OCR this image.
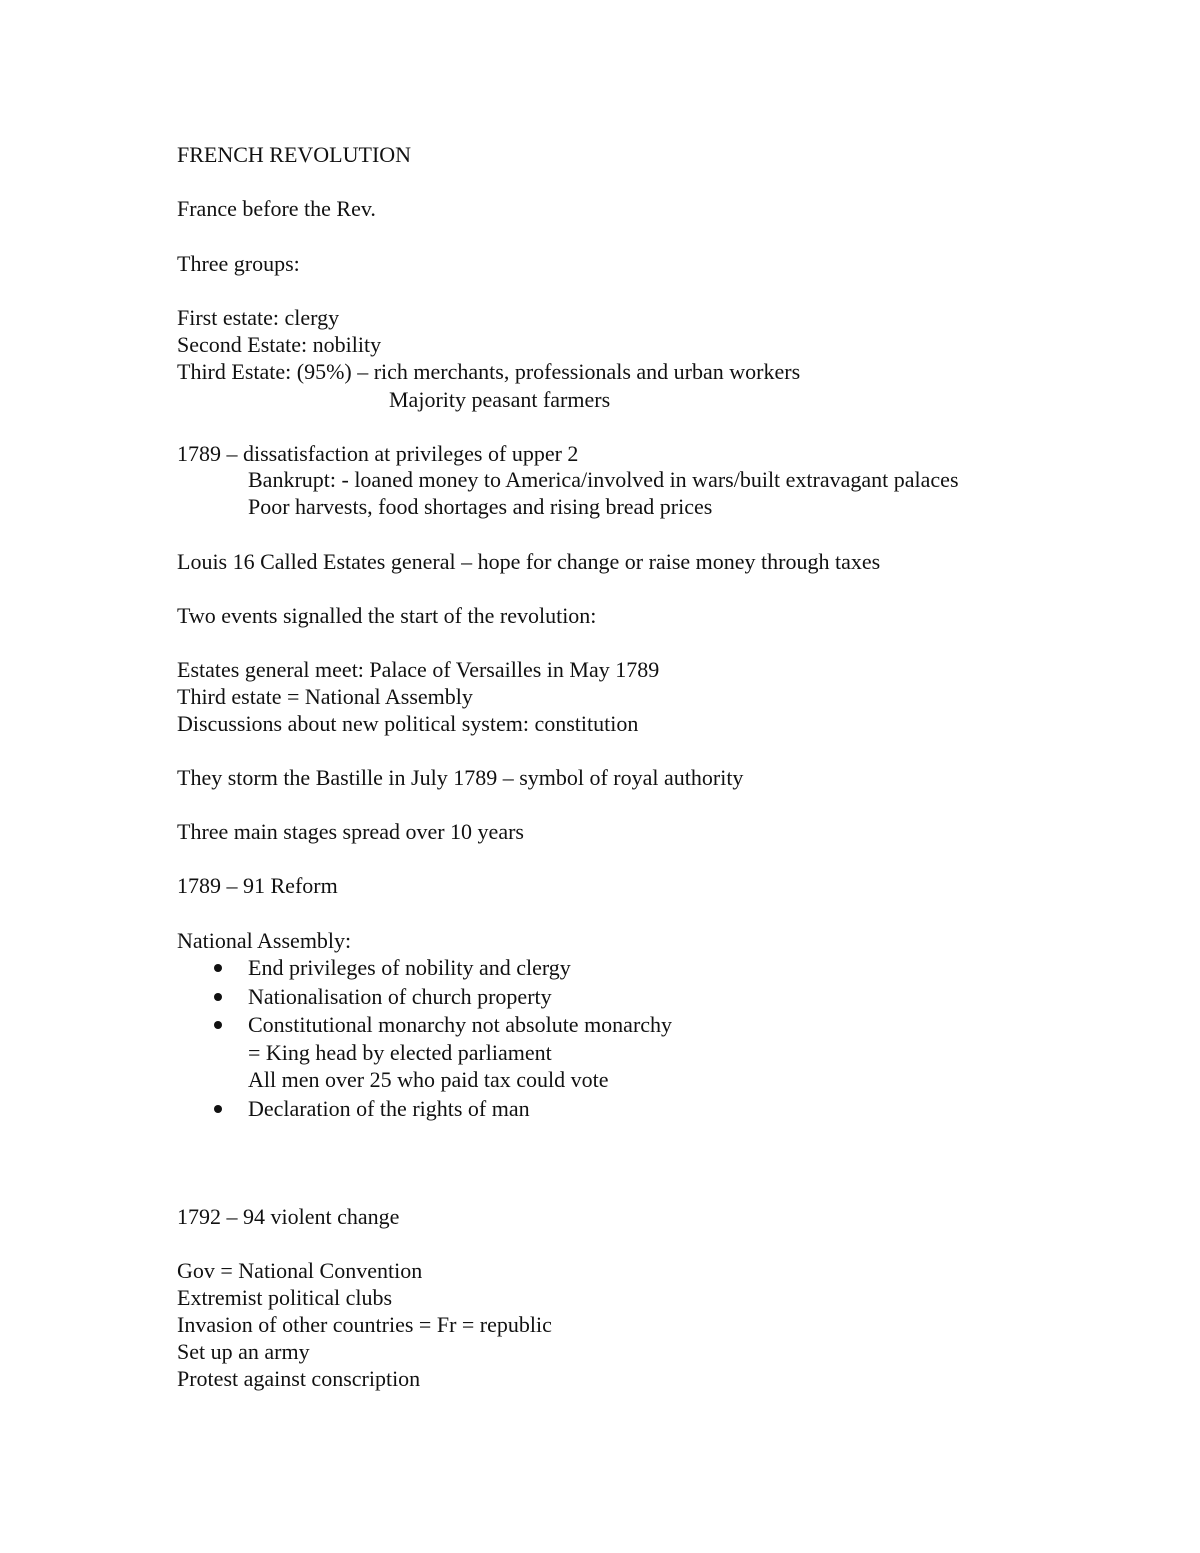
FRENCH REVOLUTION
France before the Rev.
Three groups:
First estate: clergy
Second Estate: nobility
Third Estate: (95%) – rich merchants, professionals and urban workers
Majority peasant farmers
1789 – dissatisfaction at privileges of upper 2
Bankrupt: - loaned money to America/involved in wars/built extravagant palaces
Poor harvests, food shortages and rising bread prices
Louis 16 Called Estates general – hope for change or raise money through taxes
Two events signalled the start of the revolution:
Estates general meet: Palace of Versailles in May 1789
Third estate = National Assembly
Discussions about new political system: constitution
They storm the Bastille in July 1789 – symbol of royal authority
Three main stages spread over 10 years
1789 – 91 Reform
National Assembly:
End privileges of nobility and clergy
Nationalisation of church property
Constitutional monarchy not absolute monarchy
= King head by elected parliament
All men over 25 who paid tax could vote
Declaration of the rights of man
1792 – 94 violent change
Gov = National Convention
Extremist political clubs
Invasion of other countries = Fr = republic
Set up an army
Protest against conscription
